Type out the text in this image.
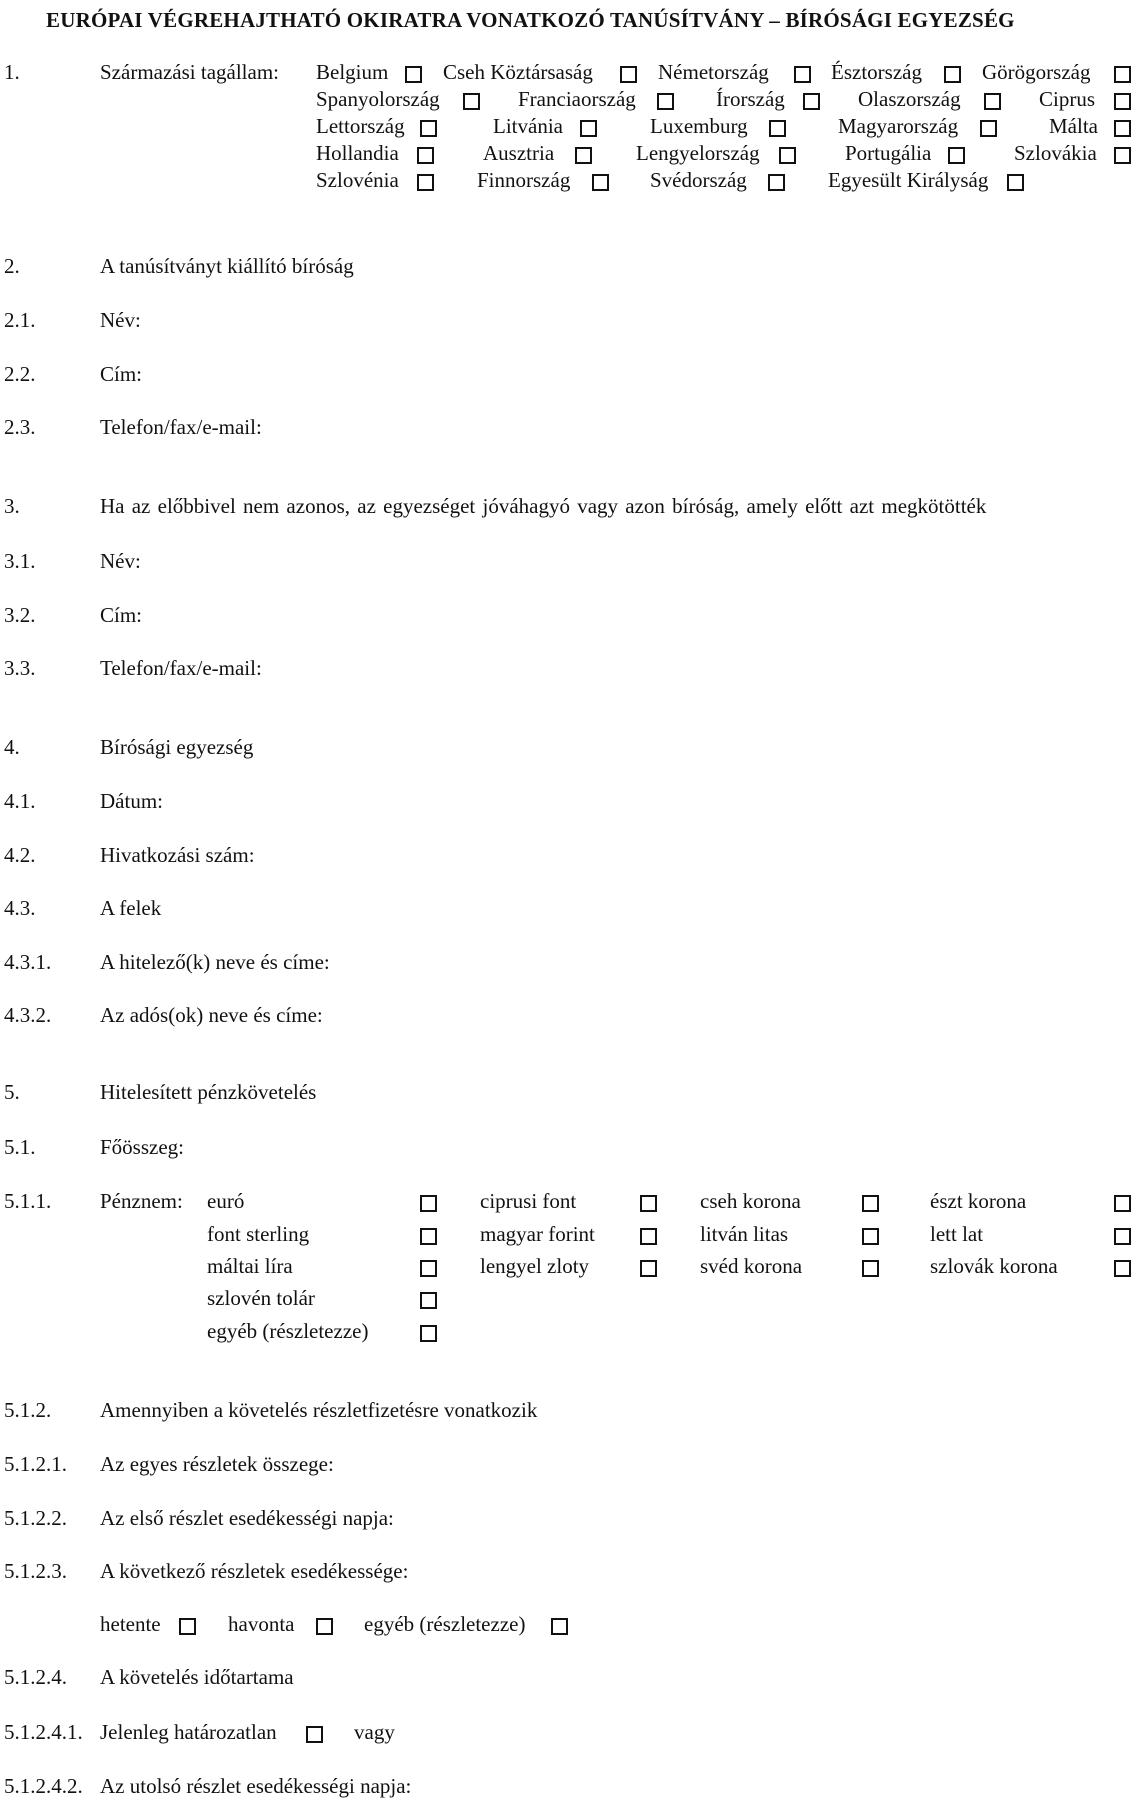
EURÓPAI VÉGREHAJTHATÓ OKIRATRA VONATKOZÓ TANÚSÍTVÁNY – BÍRÓSÁGI EGYEZSÉG
1.	Származási tagállam: Belgium	Cseh Köztársaság	Németország	Észtország	Görögország
Spanyolország	Franciaország	Írország	Olaszország	Ciprus
Lettország	Litvánia	Luxemburg	Magyarország	Málta
Hollandia	Ausztria	Lengyelország	Portugália	Szlovákia
Szlovénia	Finnország	Svédország	Egyesült Királyság
2.	A tanúsítványt kiállító bíróság
2.1.	Név:
2.2.	Cím:
2.3.	Telefon/fax/e-mail:
3.	Ha az előbbivel nem azonos, az egyezséget jóváhagyó vagy azon bíróság, amely előtt azt megkötötték
3.1.	Név:
3.2.	Cím:
3.3.	Telefon/fax/e-mail:
4.	Bírósági egyezség
4.1.	Dátum:
4.2.	Hivatkozási szám:
4.3.	A felek
4.3.1. A hitelező(k) neve és címe:
4.3.2. Az adós(ok) neve és címe:
5.	Hitelesített pénzkövetelés
5.1.	Főösszeg:
5.1.1. Pénznem: euró	ciprusi font	cseh korona	észt korona
font sterling	magyar forint	litván litas	lett lat
máltai líra	lengyel zloty	svéd korona	szlovák korona
szlovén tolár
egyéb (részletezze)
5.1.2. Amennyiben a követelés részletfizetésre vonatkozik
5.1.2.1. Az egyes részletek összege:
5.1.2.2. Az első részlet esedékességi napja:
5.1.2.3. A következő részletek esedékessége:
hetente	havonta	egyéb (részletezze)
5.1.2.4. A követelés időtartama
5.1.2.4.1. Jelenleg határozatlan	vagy
5.1.2.4.2. Az utolsó részlet esedékességi napja:
